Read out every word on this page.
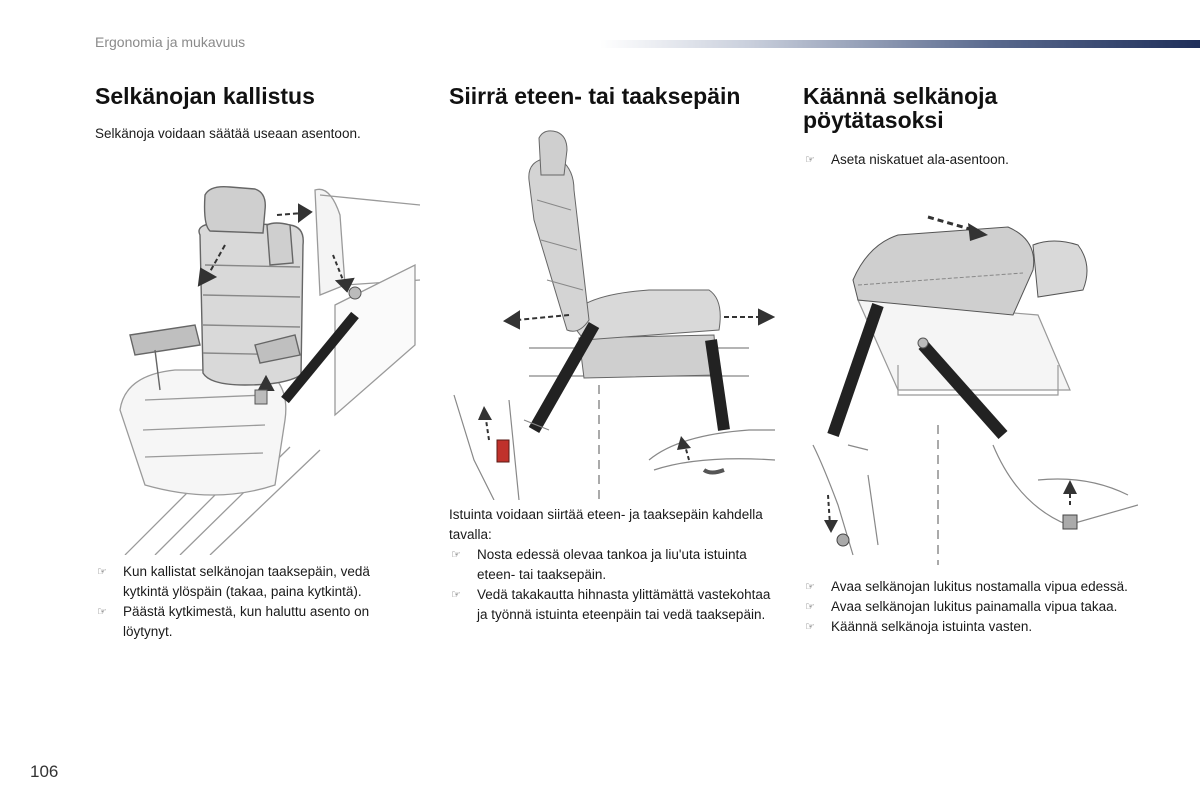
Ergonomia ja mukavuus
Selkänojan kallistus

Selkänoja voidaan säätää useaan asentoon.

☞ Kun kallistat selkänojan taaksepäin, vedä kytkintä ylöspäin (takaa, paina kytkintä).
☞ Päästä kytkimestä, kun haluttu asento on löytynyt.
Siirrä eteen- tai taaksepäin

Istuinta voidaan siirtää eteen- ja taaksepäin kahdella tavalla:

☞ Nosta edessä olevaa tankoa ja liu'uta istuinta eteen- tai taaksepäin.
☞ Vedä takakautta hihnasta ylittämättä vastekohtaa ja työnnä istuinta eteenpäin tai vedä taaksepäin.
Käännä selkänoja
pöytätasoksi
☞ Aseta niskatuet ala-asentoon.
☞ Avaa selkänojan lukitus nostamalla vipua edessä.
☞ Avaa selkänojan lukitus painamalla vipua takaa.
☞ Käännä selkänoja istuinta vasten.
106
